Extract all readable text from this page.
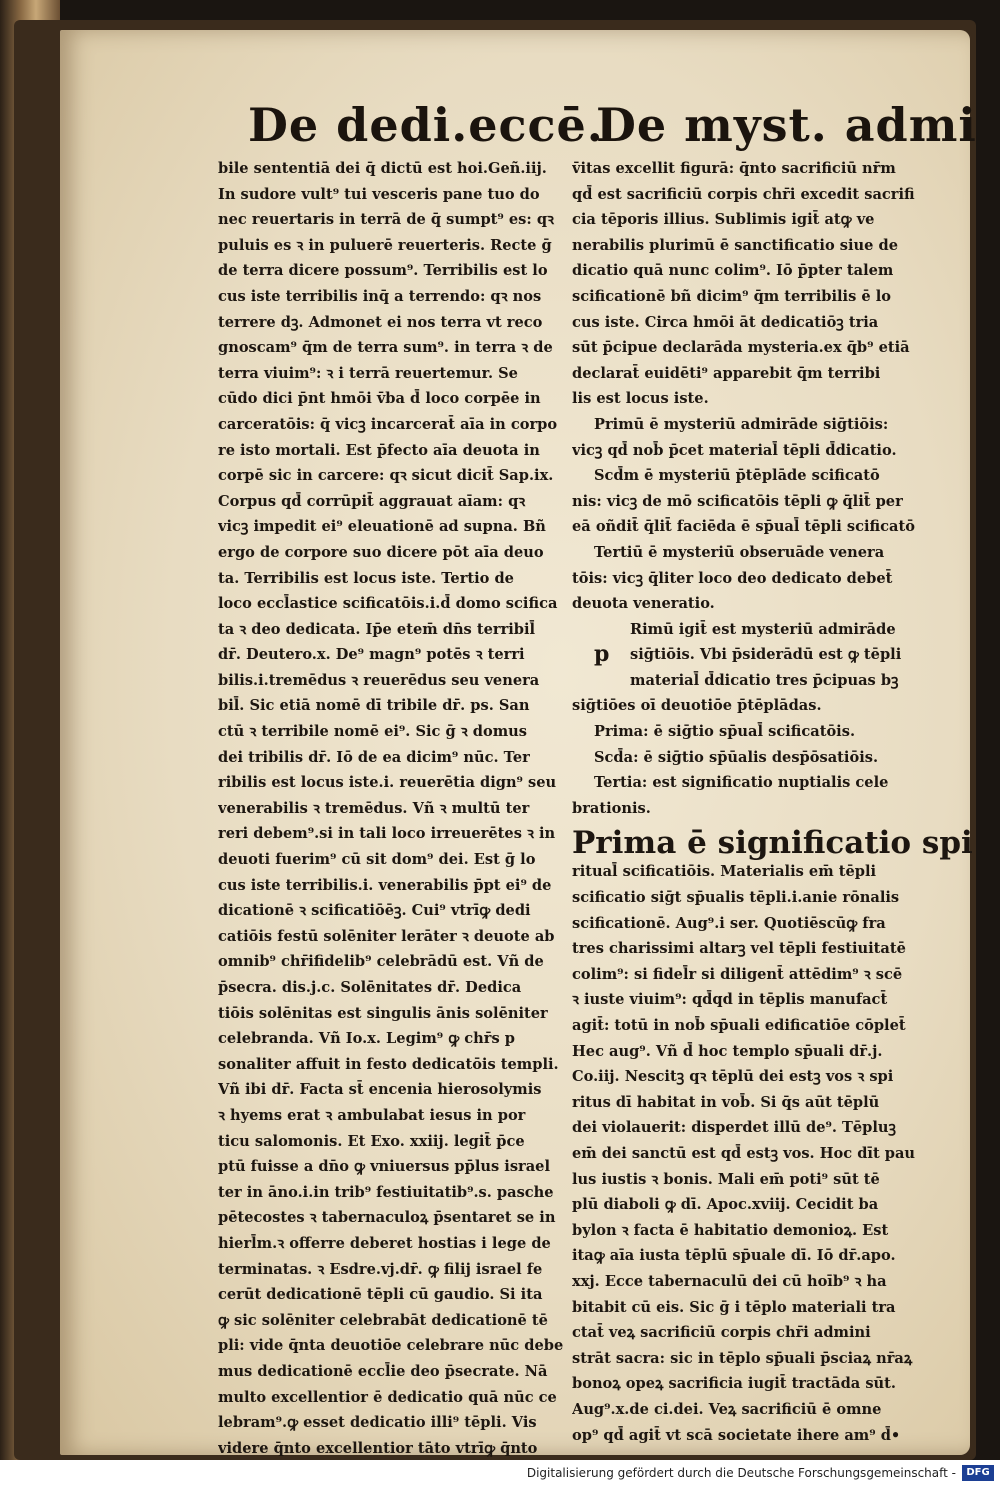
De dedi.eccē.
De myst. admi
bile sententiā dei q̄ dictū est hoi.Geñ.iij.
In sudore vult⁹ tui vesceris pane tuo do
nec reuertaris in terrā de q̄ sumpt⁹ es: qꝛ
puluis es ꝛ in puluerē reuerteris. Recte ḡ
de terra dicere possum⁹. Terribilis est lo
cus iste terribilis inq̄ a terrendo: qꝛ nos
terrere dꝫ. Admonet ei nos terra vt reco
gnoscam⁹ q̄m de terra sum⁹. in terra ꝛ de
terra viuim⁹: ꝛ i terrā reuertemur. Se
cūdo dici p̄nt hmōi v̄ba d̄ loco corpēe in
carceratōis: q̄ vicꝫ incarcerat̄ aīa in corpo
re isto mortali. Est p̄fecto aīa deuota in
corpē sic in carcere: qꝛ sicut dicit̄ Sap.ix.
Corpus qd̄ corrūpit̄ aggrauat aīam: qꝛ
vicꝫ impedit ei⁹ eleuationē ad supna. Bñ
ergo de corpore suo dicere pōt aīa deuo
ta. Terribilis est locus iste. Tertio de
loco eccl̄astice scificatōis.i.d̄ domo scifica
ta ꝛ deo dedicata. Ip̄e etem̄ dn̄s terribil̄
dr̄. Deutero.x. De⁹ magn⁹ potēs ꝛ terri
bilis.i.tremēdus ꝛ reuerēdus seu venera
bil̄. Sic etiā nomē dī tribile dr̄. ps. San
ctū ꝛ terribile nomē ei⁹. Sic ḡ ꝛ domus
dei tribilis dr̄. Iō de ea dicim⁹ nūc. Ter
ribilis est locus iste.i. reuerētia dign⁹ seu
venerabilis ꝛ tremēdus. Vñ ꝛ multū ter
reri debem⁹.si in tali loco irreuerētes ꝛ in
deuoti fuerim⁹ cū sit dom⁹ dei. Est ḡ lo
cus iste terribilis.i. venerabilis p̄pt ei⁹ de
dicationē ꝛ scificatiōēꝫ. Cui⁹ vtrīꝙ dedi
catiōis festū solēniter lerāter ꝛ deuote ab
omnib⁹ chr̄ifidelib⁹ celebrādū est. Vñ de
p̄secra. dis.j.c. Solēnitates dr̄. Dedica
tiōis solēnitas est singulis ānis solēniter
celebranda. Vñ Io.x. Legim⁹ ꝙ chr̄s p
sonaliter affuit in festo dedicatōis templi.
Vñ ibi dr̄. Facta st̄ encenia hierosolymis
ꝛ hyems erat ꝛ ambulabat iesus in por
ticu salomonis. Et Exo. xxiij. legit̄ p̄ce
ptū fuisse a dn̄o ꝙ vniuersus pp̄lus israel
ter in āno.i.in trib⁹ festiuitatib⁹.s. pasche
pētecostes ꝛ tabernaculoꝝ p̄sentaret se in
hierl̄m.ꝛ offerre deberet hostias i lege de
terminatas. ꝛ Esdre.vj.dr̄. ꝙ filij israel fe
cerūt dedicationē tēpli cū gaudio. Si ita
ꝙ sic solēniter celebrabāt dedicationē tē
pli: vide q̄nta deuotiōe celebrare nūc debe
mus dedicationē eccl̄ie deo p̄secrate. Nā
multo excellentior ē dedicatio quā nūc ce
lebram⁹.ꝙ esset dedicatio illi⁹ tēpli. Vis
videre q̄nto excellentior tāto vtrīꝙ q̄nto
v̄itas excellit figurā: q̄nto sacrificiū nr̄m
qd̄ est sacrificiū corpis chr̄i excedit sacrifi
cia tēporis illius. Sublimis igit̄ atꝙ ve
nerabilis plurimū ē sanctificatio siue de
dicatio quā nunc colim⁹. Iō p̄pter talem
scificationē bñ dicim⁹ q̄m terribilis ē lo
cus iste. Circa hmōi āt dedicatiōꝫ tria
sūt p̄cipue declarāda mysteria.ex q̄b⁹ etiā
declarat̄ euidēti⁹ apparebit q̄m terribi
lis est locus iste.
Primū ē mysteriū admirāde siḡtiōis:
vicꝫ qd̄ nob̄ p̄cet material̄ tēpli d̄dicatio.
Scd̄m ē mysteriū p̄tēplāde scificatō
nis: vicꝫ de mō scificatōis tēpli ꝙ q̄lit̄ per
eā oñdit̄ q̄lit̄ faciēda ē sp̄ual̄ tēpli scificatō
Tertiū ē mysteriū obseruāde venera
tōis: vicꝫ q̄liter loco deo dedicato debet̄
deuota veneratio.
Rimū igit̄ est mysteriū admirāde
p siḡtiōis. Vbi p̄siderādū est ꝙ tēpli
material̄ d̄dicatio tres p̄cipuas bꝫ
siḡtiōes oī deuotiōe p̄tēplādas.
Prima: ē siḡtio sp̄ual̄ scificatōis.
Scd̄a: ē siḡtio sp̄ūalis desp̄ōsatiōis.
Tertia: est significatio nuptialis cele
brationis.
Prima ē significatio spi
ritual̄ scificatiōis. Materialis em̄ tēpli
scificatio siḡt sp̄ualis tēpli.i.anie rōnalis
scificationē. Aug⁹.i ser. Quotiēscūꝙ fra
tres charissimi altarꝫ vel tēpli festiuitatē
colim⁹: si fidel̄r si diligent̄ attēdim⁹ ꝛ scē
ꝛ iuste viuim⁹: qd̄qd in tēplis manufact̄
agit̄: totū in nob̄ sp̄uali edificatiōe cōplet̄
Hec aug⁹. Vñ d̄ hoc templo sp̄uali dr̄.j.
Co.iij. Nescitꝫ qꝛ tēplū dei estꝫ vos ꝛ spi
ritus dī habitat in vob̄. Si q̄s aūt tēplū
dei violauerit: disperdet illū de⁹. Tēpluꝫ
em̄ dei sanctū est qd̄ estꝫ vos. Hoc dīt pau
lus iustis ꝛ bonis. Mali em̄ poti⁹ sūt tē
plū diaboli ꝙ dī. Apoc.xviij. Cecidit ba
bylon ꝛ facta ē habitatio demonioꝝ. Est
itaꝙ aīa iusta tēplū sp̄uale dī. Iō dr̄.apo.
xxj. Ecce tabernaculū dei cū hoīb⁹ ꝛ ha
bitabit cū eis. Sic ḡ i tēplo materiali tra
ctat̄ veꝝ sacrificiū corpis chr̄i admini
strāt sacra: sic in tēplo sp̄uali p̄sciaꝝ nr̄aꝝ
bonoꝝ opeꝝ sacrificia iugit̄ tractāda sūt.
Aug⁹.x.de ci.dei. Veꝝ sacrificiū ē omne
op⁹ qd̄ agit̄ vt scā societate ihere am⁹ d̄•
Digitalisierung gefördert durch die Deutsche Forschungsgemeinschaft -	DFG
